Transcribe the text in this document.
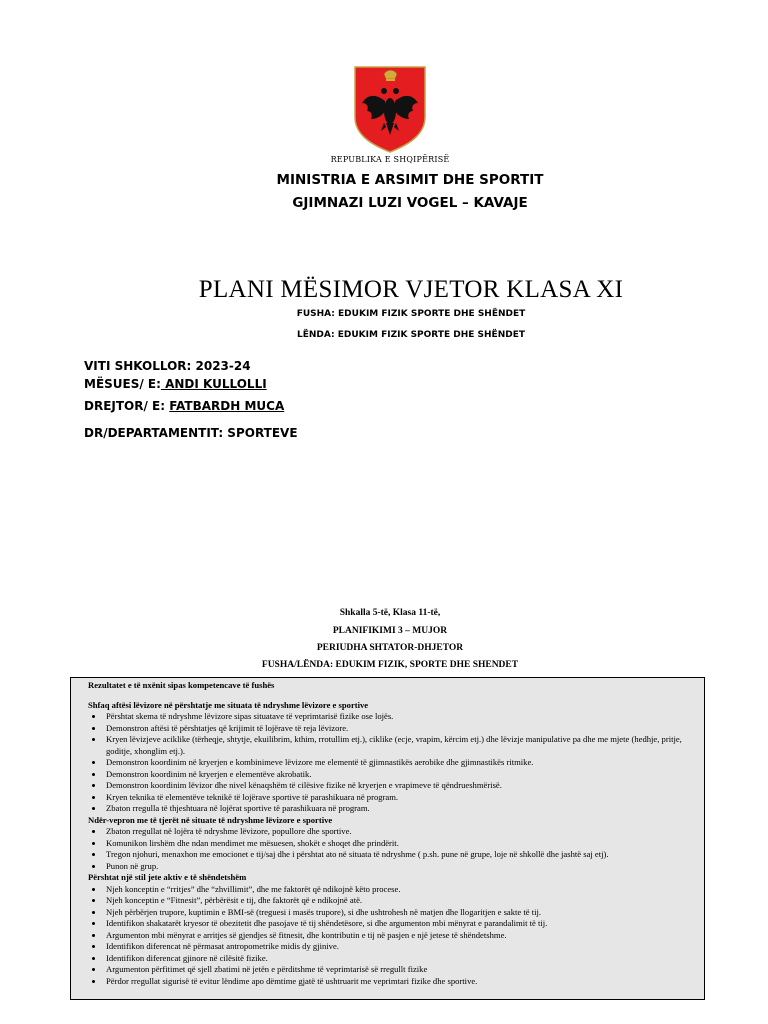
REPUBLIKA E SHQIPËRISË
MINISTRIA E ARSIMIT DHE SPORTIT
GJIMNAZI LUZI VOGEL – KAVAJE
PLANI MËSIMOR VJETOR KLASA XI
FUSHA: EDUKIM FIZIK SPORTE DHE SHËNDET
LËNDA: EDUKIM FIZIK SPORTE DHE SHËNDET
VITI SHKOLLOR: 2023-24
MËSUES/ E: ANDI KULLOLLI
DREJTOR/ E: FATBARDH MUCA
DR/DEPARTAMENTIT: SPORTEVE
Shkalla 5-të, Klasa 11-të,
PLANIFIKIMI 3 – MUJOR
PERIUDHA SHTATOR-DHJETOR
FUSHA/LËNDA: EDUKIM FIZIK, SPORTE DHE SHENDET
Rezultatet e të nxënit sipas kompetencave të fushës
Shfaq aftësi lëvizore në përshtatje me situata të ndryshme lëvizore e sportive
• Përshtat skema të ndryshme lëvizore sipas situatave të veprimtarisë fizike ose lojës.
• Demonstron aftësi të përshtatjes që krijimit të lojërave të reja lëvizore.
• Kryen lëvizjeve aciklike (tërheqje, shtytje, ekuilibrim, kthim, rrotullim etj.), ciklike (ecje, vrapim, kërcim etj.) dhe lëvizje manipulative pa dhe me mjete (hedhje, pritje, goditje, xhonglim etj.).
• Demonstron koordinim në kryerjen e kombinimeve lëvizore me elementë të gjimnastikës aerobike dhe gjimnastikës ritmike.
• Demonstron koordinim në kryerjen e elementëve akrobatik.
• Demonstron koordinim lëvizor dhe nivel kënaqshëm të cilësive fizike në kryerjen e vrapimeve të qëndrueshmërisë.
• Kryen teknika të elementëve teknikë të lojërave sportive të parashikuara në program.
• Zbaton rregulla të thjeshtuara në lojërat sportive të parashikuara në program.
Ndër-vepron me të tjerët në situate të ndryshme lëvizore e sportive
• Zbaton rregullat në lojëra të ndryshme lëvizore, popullore dhe sportive.
• Komunikon lirshëm dhe ndan mendimet me mësuesen, shokët e shoqet dhe prindërit.
• Tregon njohuri, menaxhon me emocionet e tij/saj dhe i përshtat ato në situata të ndryshme ( p.sh. pune në grupe, loje në shkollë dhe jashtë saj etj).
• Punon në grup.
Përshtat një stil jete aktiv e të shëndetshëm
• Njeh konceptin e “rritjes” dhe “zhvillimit”, dhe me faktorët që ndikojnë këto procese.
• Njeh konceptin e “Fitnesit”, përbërësit e tij, dhe faktorët që e ndikojnë atë.
• Njeh përbërjen trupore, kuptimin e BMI-së (treguesi i masës trupore), si dhe ushtrohesh në matjen dhe llogaritjen e sakte të tij.
• Identifikon shakatarët kryesor të obezitetit dhe pasojave të tij shëndetësore, si dhe argumenton mbi mënyrat e parandalimit të tij.
• Argumenton mbi mënyrat e arritjes së gjendjes së fitnesit, dhe kontributin e tij në pasjen e një jetese të shëndetshme.
• Identifikon diferencat në përmasat antropometrike midis dy gjinive.
• Identifikon diferencat gjinore në cilësitë fizike.
• Argumenton përfitimet që sjell zbatimi në jetën e përditshme të veprimtarisë së rregullt fizike
• Përdor rregullat sigurisë të evitur lëndime apo dëmtime gjatë të ushtruarit me veprimtari fizike dhe sportive.
